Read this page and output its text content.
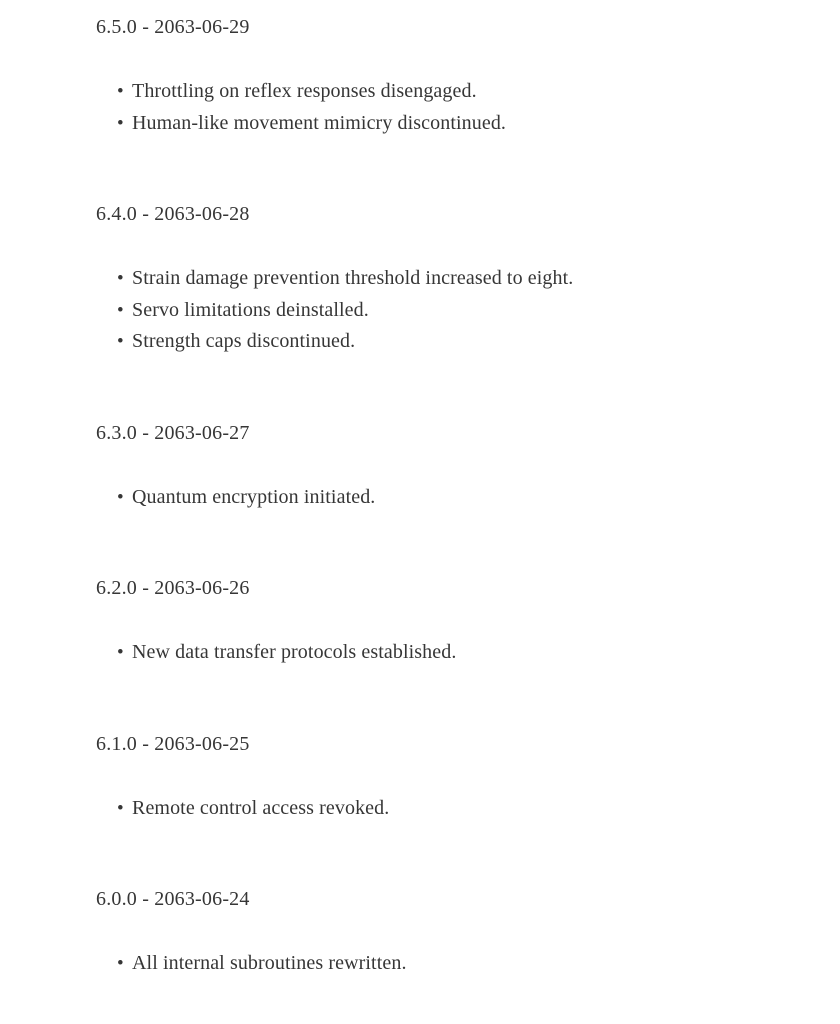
6.5.0 - 2063-06-29
• Throttling on reflex responses disengaged.
• Human-like movement mimicry discontinued.
6.4.0 - 2063-06-28
• Strain damage prevention threshold increased to eight.
• Servo limitations deinstalled.
• Strength caps discontinued.
6.3.0 - 2063-06-27
• Quantum encryption initiated.
6.2.0 - 2063-06-26
• New data transfer protocols established.
6.1.0 - 2063-06-25
• Remote control access revoked.
6.0.0 - 2063-06-24
• All internal subroutines rewritten.
